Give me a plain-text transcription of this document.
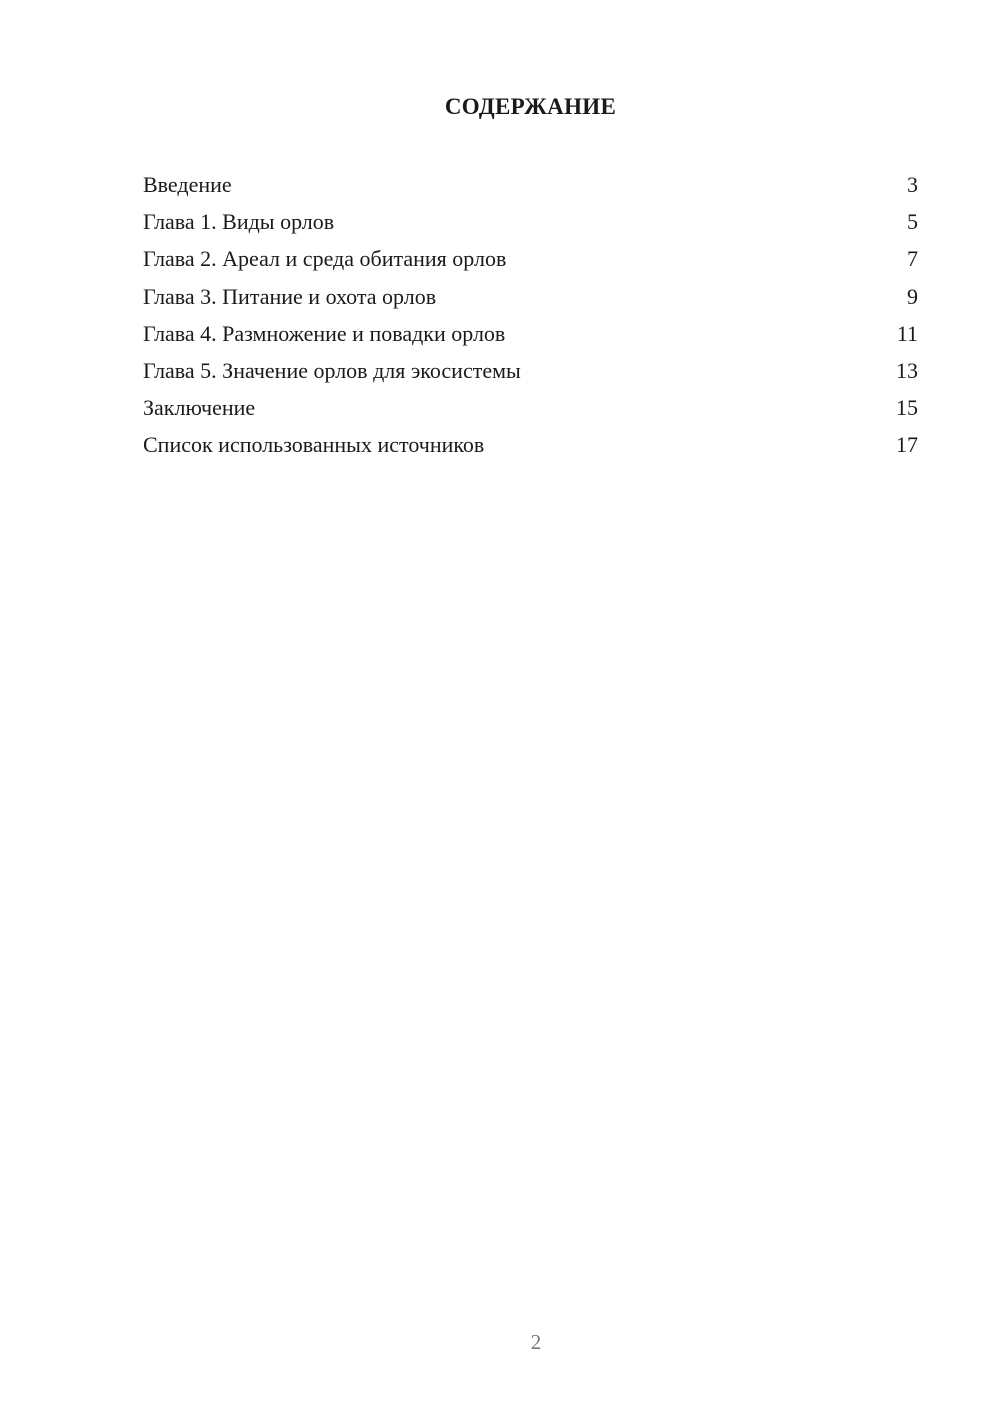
СОДЕРЖАНИЕ
Введение	3
Глава 1. Виды орлов	5
Глава 2. Ареал и среда обитания орлов	7
Глава 3. Питание и охота орлов	9
Глава 4. Размножение и повадки орлов	11
Глава 5. Значение орлов для экосистемы	13
Заключение	15
Список использованных источников	17
2
